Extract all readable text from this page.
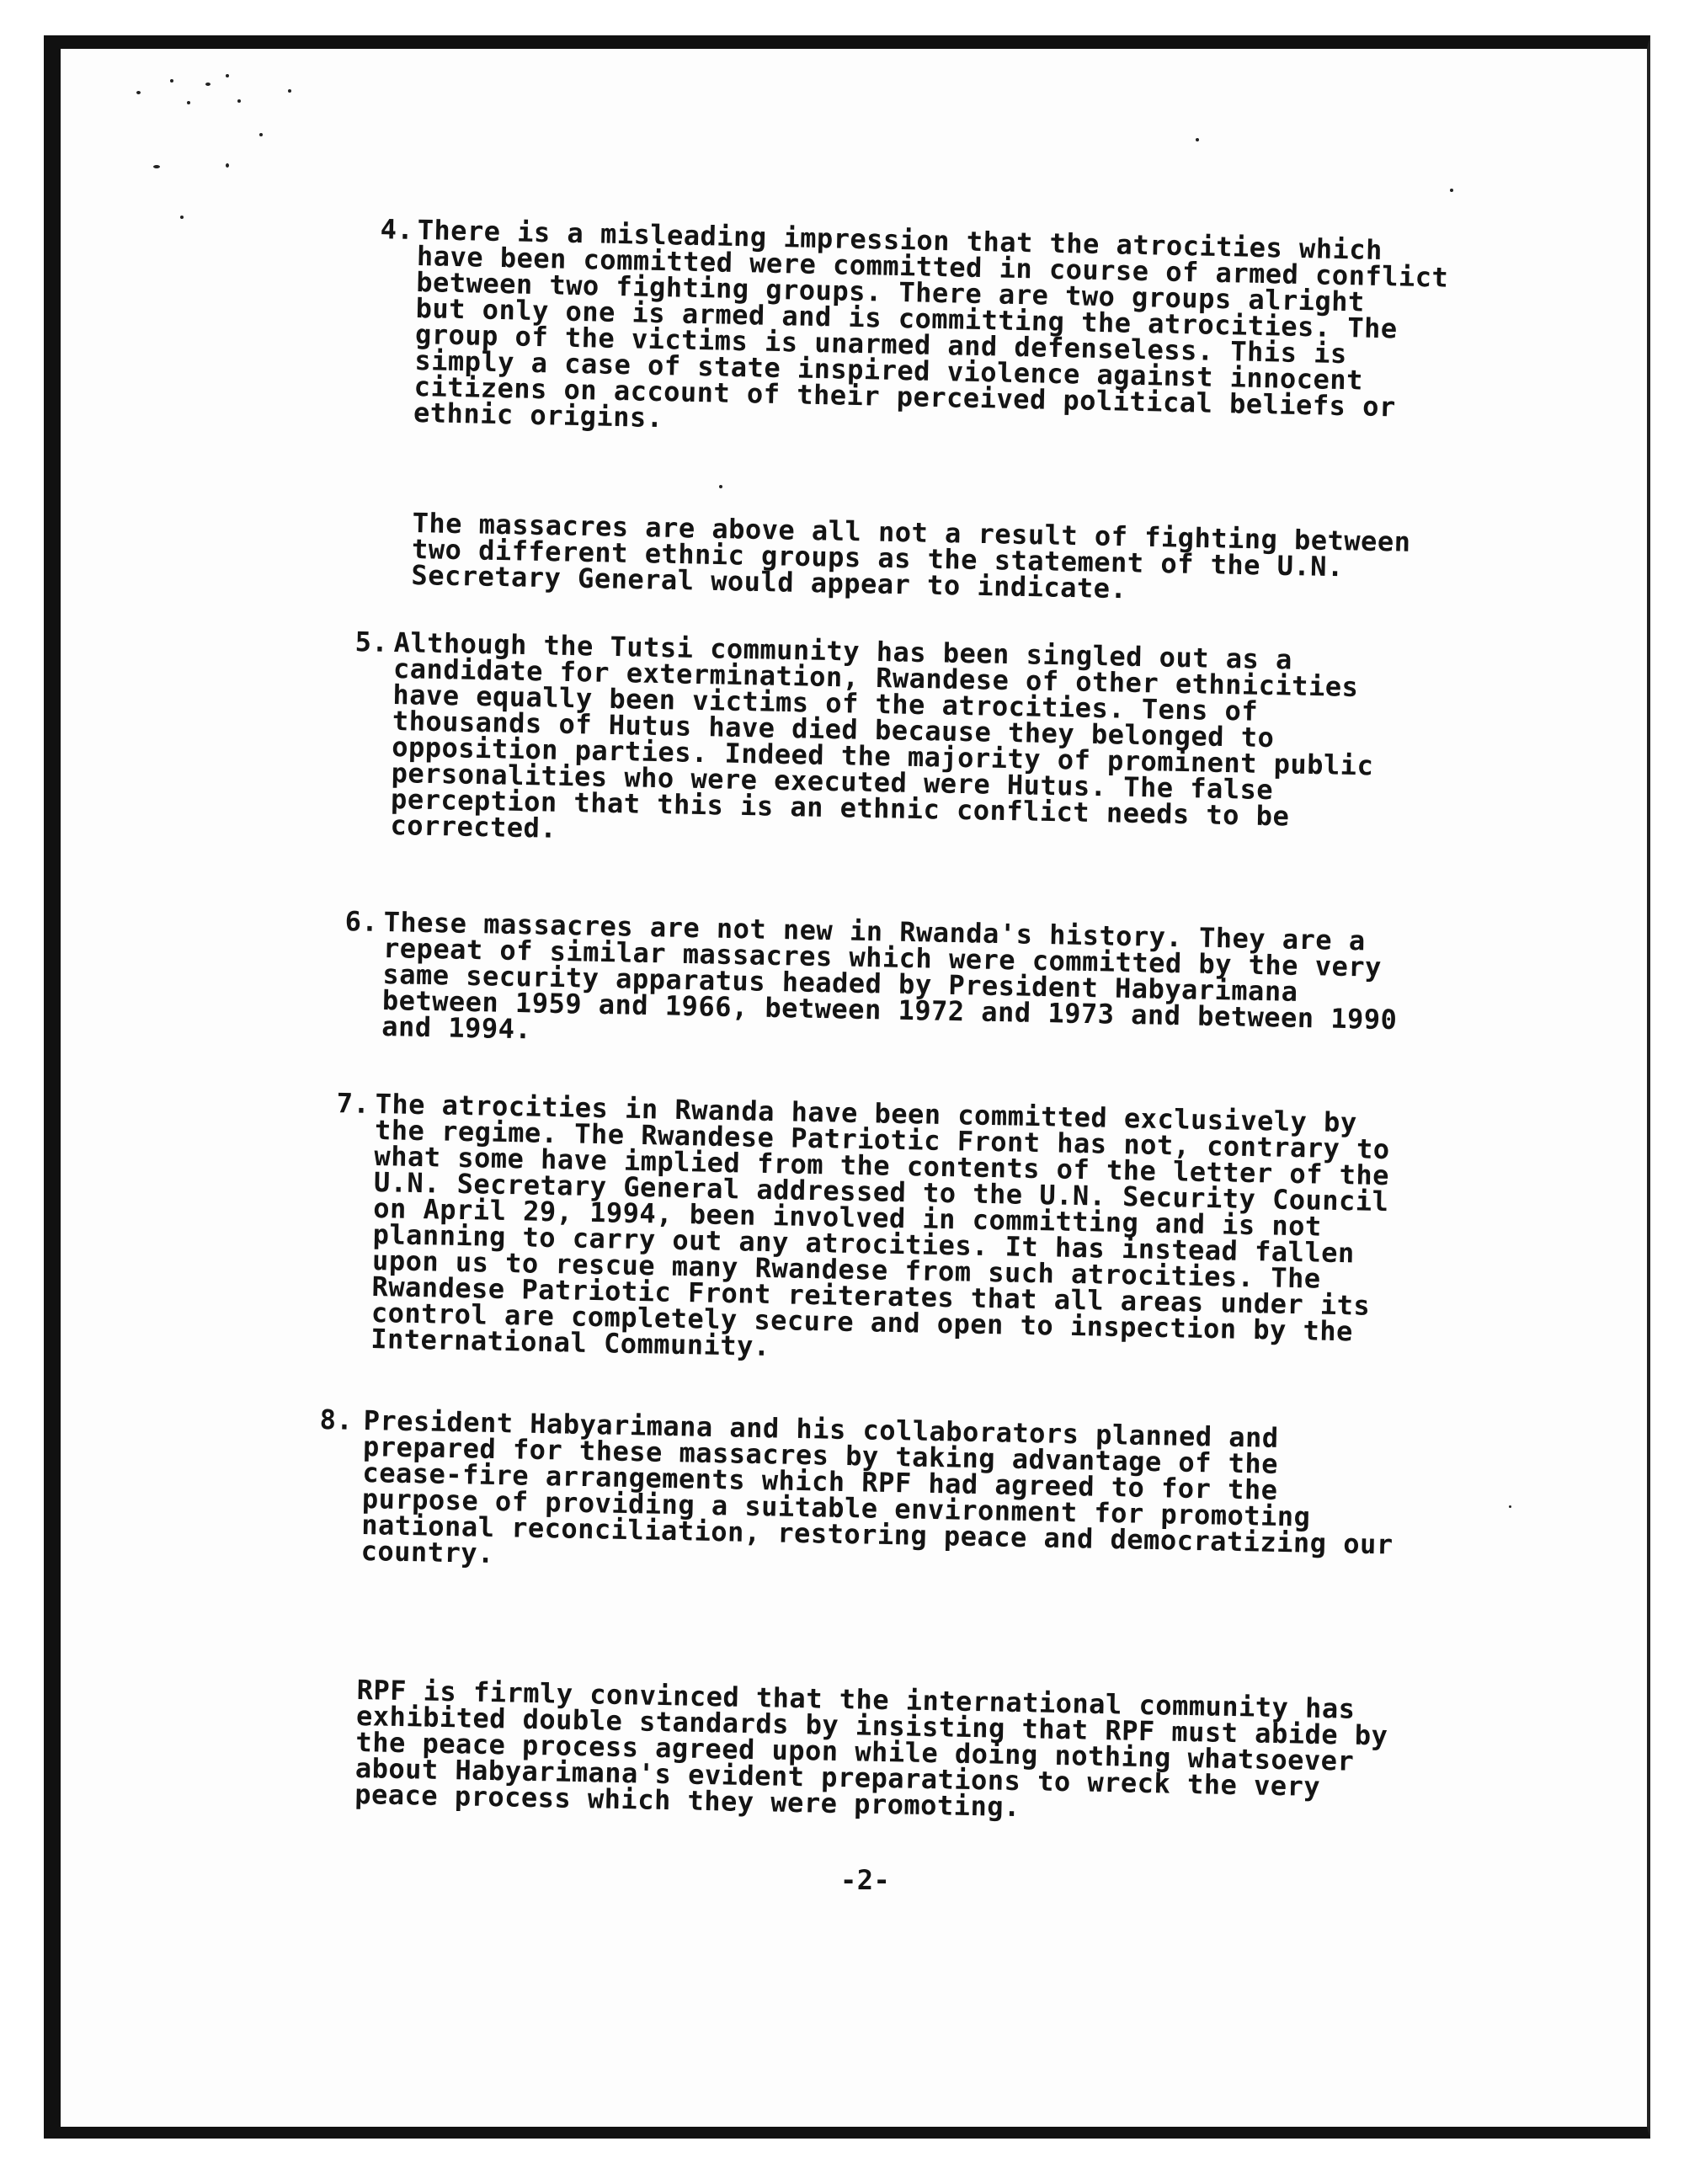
4. There is a misleading impression that the atrocities which
have been committed were committed in course of armed conflict
between two fighting groups. There are two groups alright
but only one is armed and is committing the atrocities. The
group of the victims is unarmed and defenseless. This is
simply a case of state inspired violence against innocent
citizens on account of their perceived political beliefs or
ethnic origins.
The massacres are above all not a result of fighting between
two different ethnic groups as the statement of the U.N.
Secretary General would appear to indicate.
5. Although the Tutsi community has been singled out as a
candidate for extermination, Rwandese of other ethnicities
have equally been victims of the atrocities. Tens of
thousands of Hutus have died because they belonged to
opposition parties. Indeed the majority of prominent public
personalities who were executed were Hutus. The false
perception that this is an ethnic conflict needs to be
corrected.
6. These massacres are not new in Rwanda's history. They are a
repeat of similar massacres which were committed by the very
same security apparatus headed by President Habyarimana
between 1959 and 1966, between 1972 and 1973 and between 1990
and 1994.
7. The atrocities in Rwanda have been committed exclusively by
the regime. The Rwandese Patriotic Front has not, contrary to
what some have implied from the contents of the letter of the
U.N. Secretary General addressed to the U.N. Security Council
on April 29, 1994, been involved in committing and is not
planning to carry out any atrocities. It has instead fallen
upon us to rescue many Rwandese from such atrocities. The
Rwandese Patriotic Front reiterates that all areas under its
control are completely secure and open to inspection by the
International Community.
8. President Habyarimana and his collaborators planned and
prepared for these massacres by taking advantage of the
cease-fire arrangements which RPF had agreed to for the
purpose of providing a suitable environment for promoting
national reconciliation, restoring peace and democratizing our
country.
RPF is firmly convinced that the international community has
exhibited double standards by insisting that RPF must abide by
the peace process agreed upon while doing nothing whatsoever
about Habyarimana's evident preparations to wreck the very
peace process which they were promoting.
-2-
